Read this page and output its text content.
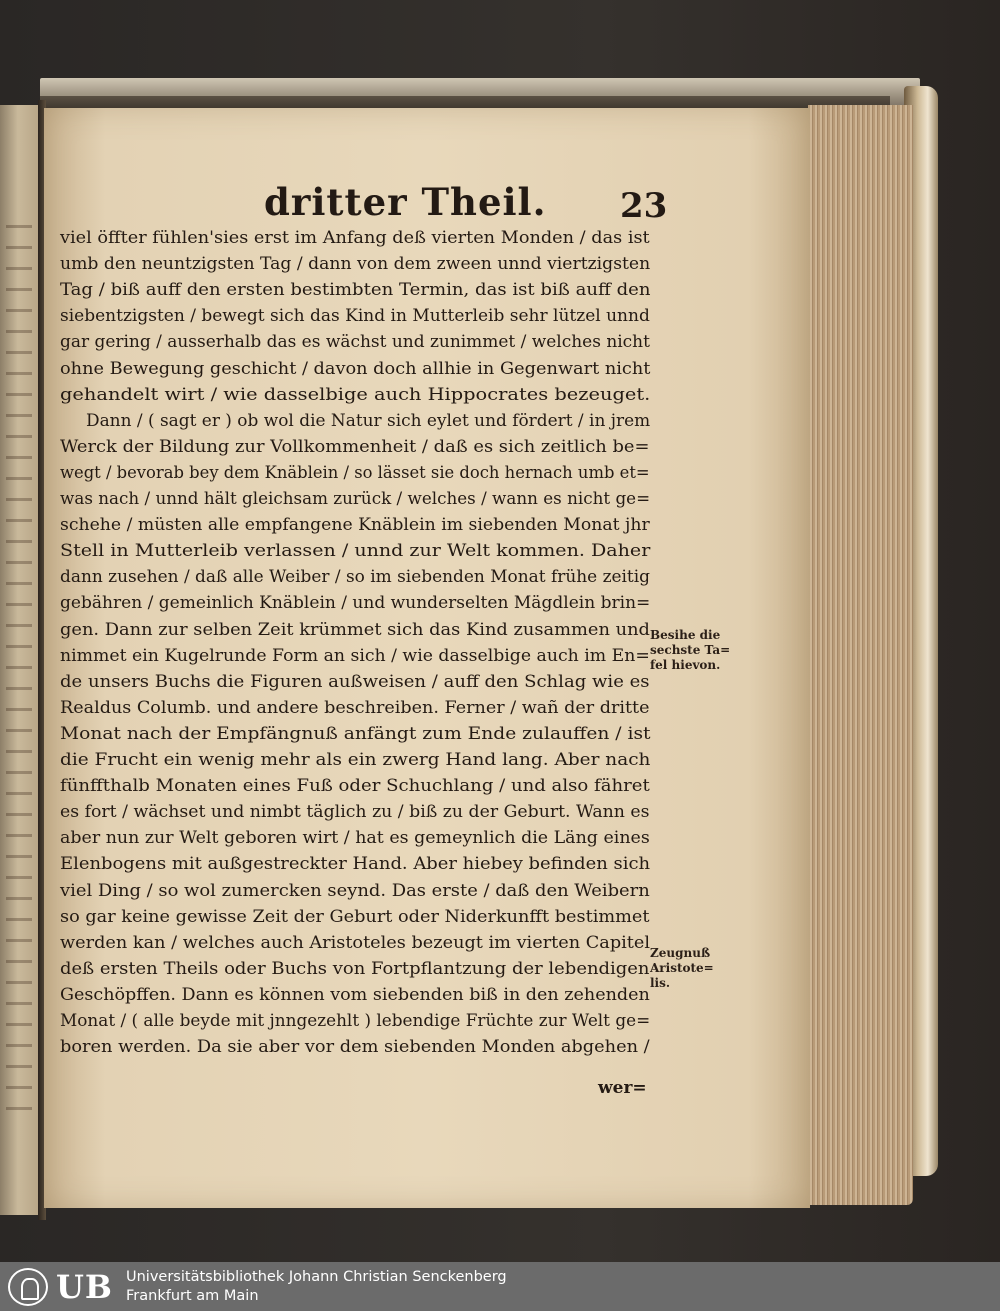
dritter Theil. 23
viel öffter fühlen'sies erst im Anfang deß vierten Monden / das ist
umb den neuntzigsten Tag / dann von dem zween unnd viertzigsten
Tag / biß auff den ersten bestimbten Termin, das ist biß auff den
siebentzigsten / bewegt sich das Kind in Mutterleib sehr lützel unnd
gar gering / ausserhalb das es wächst und zunimmet / welches nicht
ohne Bewegung geschicht / davon doch allhie in Gegenwart nicht
gehandelt wirt / wie dasselbige auch Hippocrates bezeuget.
Dann / ( sagt er ) ob wol die Natur sich eylet und fördert / in jrem
Werck der Bildung zur Vollkommenheit / daß es sich zeitlich be=
wegt / bevorab bey dem Knäblein / so lässet sie doch hernach umb et=
was nach / unnd hält gleichsam zurück / welches / wann es nicht ge=
schehe / müsten alle empfangene Knäblein im siebenden Monat jhr
Stell in Mutterleib verlassen / unnd zur Welt kommen. Daher
dann zusehen / daß alle Weiber / so im siebenden Monat frühe zeitig
gebähren / gemeinlich Knäblein / und wunderselten Mägdlein brin=
gen. Dann zur selben Zeit krümmet sich das Kind zusammen und
nimmet ein Kugelrunde Form an sich / wie dasselbige auch im En=
de unsers Buchs die Figuren außweisen / auff den Schlag wie es
Realdus Columb. und andere beschreiben. Ferner / wañ der dritte
Monat nach der Empfängnuß anfängt zum Ende zulauffen / ist
die Frucht ein wenig mehr als ein zwerg Hand lang. Aber nach
fünffthalb Monaten eines Fuß oder Schuchlang / und also fähret
es fort / wächset und nimbt täglich zu / biß zu der Geburt. Wann es
aber nun zur Welt geboren wirt / hat es gemeynlich die Läng eines
Elenbogens mit außgestreckter Hand. Aber hiebey befinden sich
viel Ding / so wol zumercken seynd. Das erste / daß den Weibern
so gar keine gewisse Zeit der Geburt oder Niderkunfft bestimmet
werden kan / welches auch Aristoteles bezeugt im vierten Capitel
deß ersten Theils oder Buchs von Fortpflantzung der lebendigen
Geschöpffen. Dann es können vom siebenden biß in den zehenden
Monat / ( alle beyde mit jnngezehlt ) lebendige Früchte zur Welt ge=
boren werden. Da sie aber vor dem siebenden Monden abgehen /
wer=
Besihe die
sechste Ta=
fel hievon.
Zeugnuß
Aristote=
lis.
UB Universitätsbibliothek Johann Christian Senckenberg
Frankfurt am Main
